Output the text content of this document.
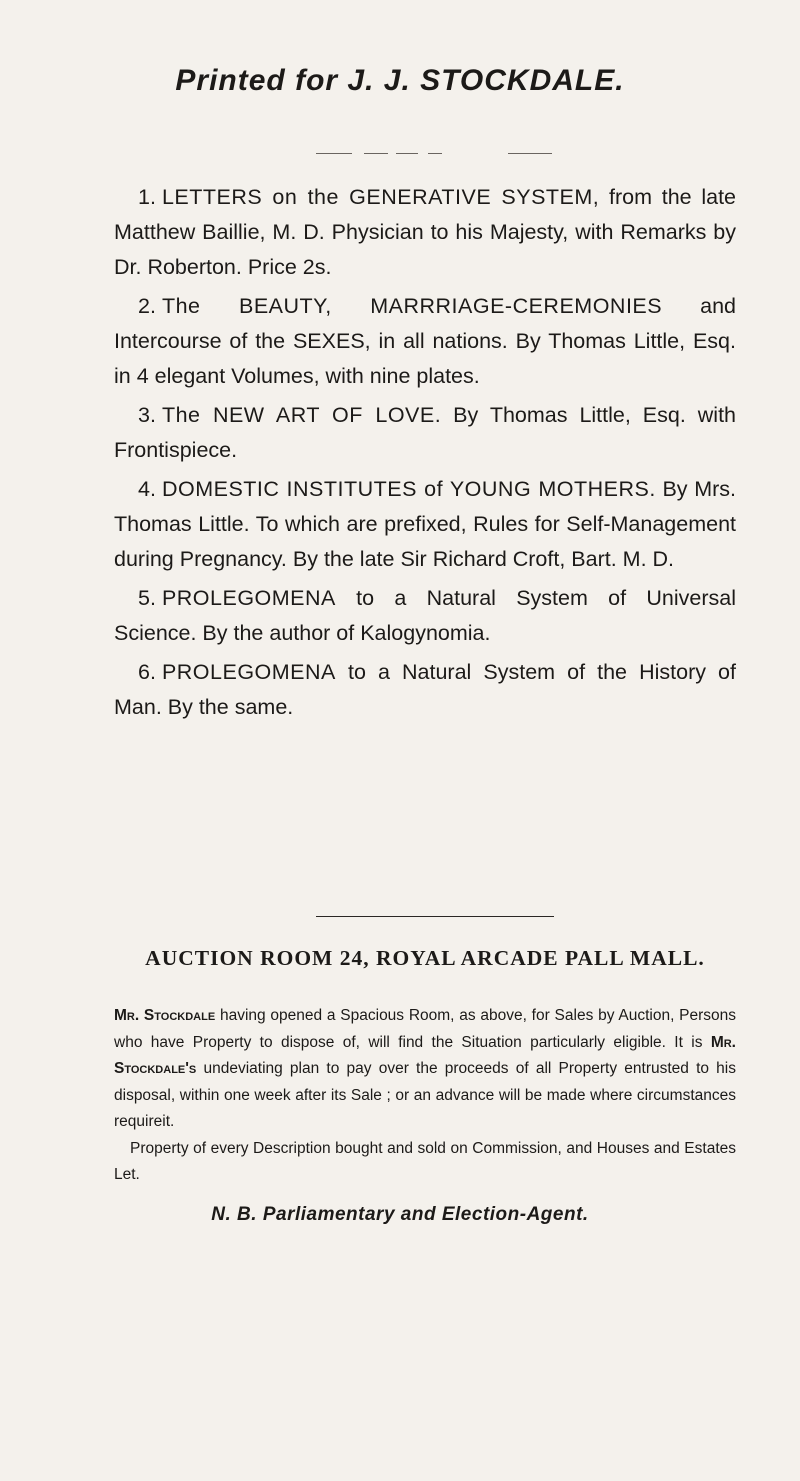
Printed for J. J. STOCKDALE.

1. LETTERS on the GENERATIVE SYSTEM, from the late Matthew Baillie, M. D. Physician to his Majesty, with Remarks by Dr. Roberton. Price 2s.

2. The BEAUTY, MARRRIAGE-CEREMONIES and Intercourse of the SEXES, in all nations. By Thomas Little, Esq. in 4 elegant Volumes, with nine plates.

3. The NEW ART OF LOVE. By Thomas Little, Esq. with Frontispiece.

4. DOMESTIC INSTITUTES of YOUNG MOTHERS. By Mrs. Thomas Little. To which are prefixed, Rules for Self-Management during Pregnancy. By the late Sir Richard Croft, Bart. M. D.

5. PROLEGOMENA to a Natural System of Universal Science. By the author of Kalogynomia.

6. PROLEGOMENA to a Natural System of the History of Man. By the same.

AUCTION ROOM 24, ROYAL ARCADE PALL MALL.

Mr. Stockdale having opened a Spacious Room, as above, for Sales by Auction, Persons who have Property to dispose of, will find the Situation particularly eligible. It is Mr. Stockdale's undeviating plan to pay over the proceeds of all Property entrusted to his disposal, within one week after its Sale ; or an advance will be made where circumstances requireit.

Property of every Description bought and sold on Commission, and Houses and Estates Let.

N. B. Parliamentary and Election-Agent.
